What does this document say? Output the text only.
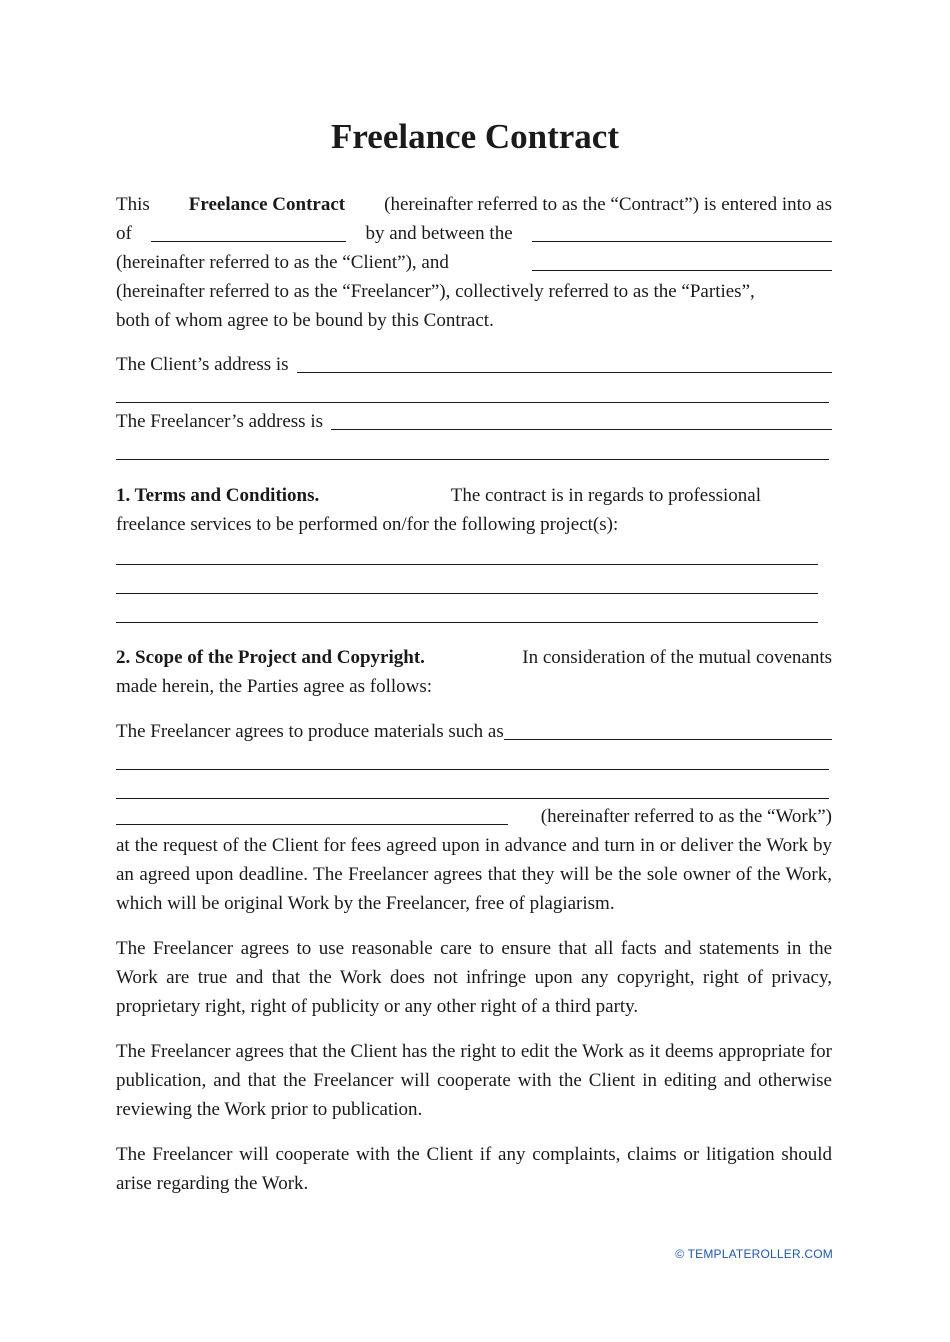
Freelance Contract
This Freelance Contract (hereinafter referred to as the “Contract”) is entered into as
of	by and between the
(hereinafter referred to as the “Client”), and
(hereinafter referred to as the “Freelancer”), collectively referred to as the “Parties”,
both of whom agree to be bound by this Contract.
The Client’s address is
The Freelancer’s address is
1. Terms and Conditions.	The contract is in regards to professional
freelance services to be performed on/for the following project(s):
2. Scope of the Project and Copyright.	In consideration of the mutual covenants
made herein, the Parties agree as follows:
The Freelancer agrees to produce materials such as
(hereinafter referred to as the “Work”)
at the request of the Client for fees agreed upon in advance and turn in or deliver the Work by an agreed upon deadline. The Freelancer agrees that they will be the sole owner of the Work, which will be original Work by the Freelancer, free of plagiarism.
The Freelancer agrees to use reasonable care to ensure that all facts and statements in the Work are true and that the Work does not infringe upon any copyright, right of privacy, proprietary right, right of publicity or any other right of a third party.
The Freelancer agrees that the Client has the right to edit the Work as it deems appropriate for publication, and that the Freelancer will cooperate with the Client in editing and otherwise reviewing the Work prior to publication.
The Freelancer will cooperate with the Client if any complaints, claims or litigation should arise regarding the Work.
© TEMPLATEROLLER.COM
